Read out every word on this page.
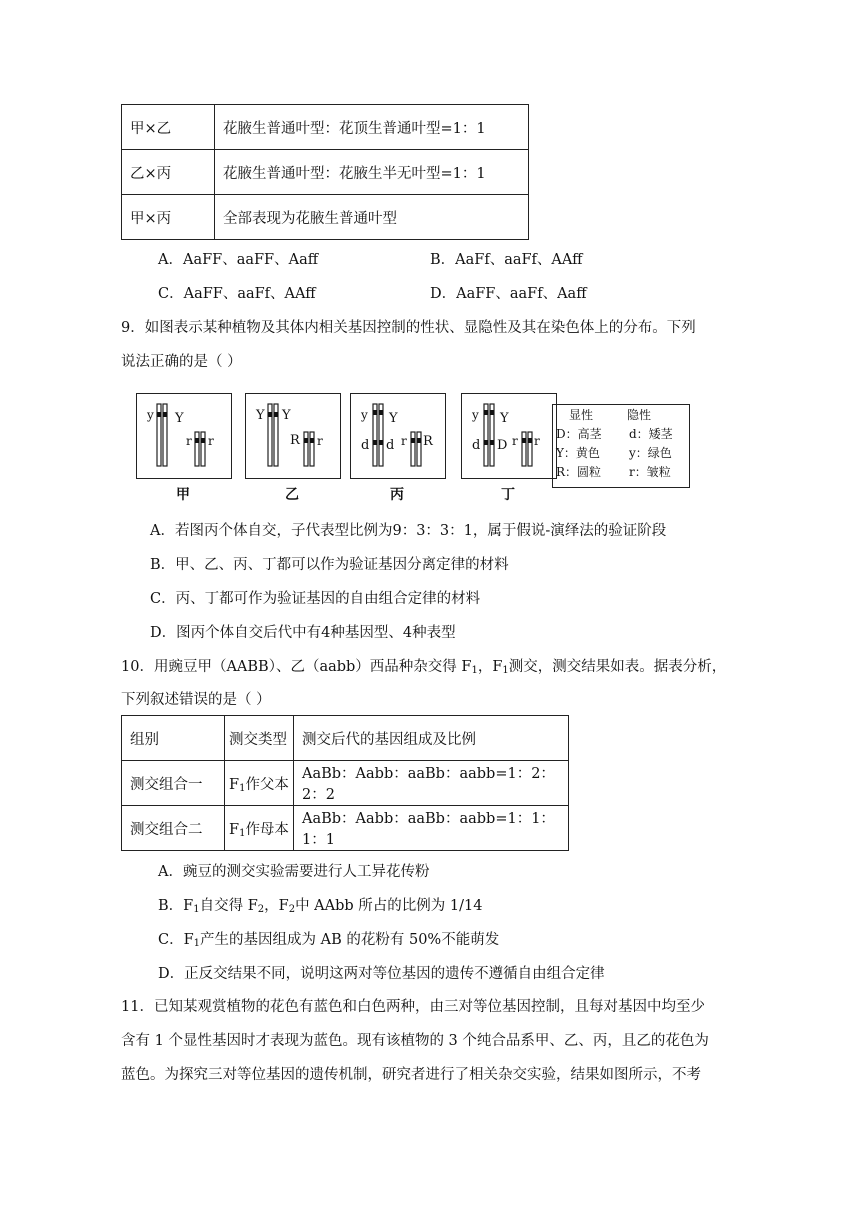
甲×乙	花腋生普通叶型：花顶生普通叶型=1：1
乙×丙	花腋生普通叶型：花腋生半无叶型=1：1
甲×丙	全部表现为花腋生普通叶型
A．AaFF、aaFF、Aaff	B．AaFf、aaFf、AAff
C．AaFF、aaFf、AAff	D．AaFF、aaFf、Aaff
9．如图表示某种植物及其体内相关基因控制的性状、显隐性及其在染色体上的分布。下列
说法正确的是（ ）
y Y
r r
甲
Y Y
R r
乙
y Y
d d r R
丙
y Y
d D r r
丁
显性	隐性
D：高茎 d：矮茎
Y：黄色 y：绿色
R：圆粒 r：皱粒
A．若图丙个体自交，子代表型比例为9：3：3：1，属于假说-演绎法的验证阶段
B．甲、乙、丙、丁都可以作为验证基因分离定律的材料
C．丙、丁都可作为验证基因的自由组合定律的材料
D．图丙个体自交后代中有4种基因型、4种表型
10．用豌豆甲（AABB）、乙（aabb）西品种杂交得 $F_1$，$F_1$测交，测交结果如表。据表分析，
下列叙述错误的是（ ）
组别	测交类型	测交后代的基因组成及比例
测交组合一	$F_1$作父本	AaBb：Aabb：aaBb：aabb=1：2：2：2
测交组合二	$F_1$作母本	AaBb：Aabb：aaBb：aabb=1：1：1：1
A．豌豆的测交实验需要进行人工异花传粉
B．$F_1$自交得 $F_2$，$F_2$中 AAbb 所占的比例为 1/14
C．$F_1$产生的基因组成为 AB 的花粉有 50%不能萌发
D．正反交结果不同，说明这两对等位基因的遗传不遵循自由组合定律
11．已知某观赏植物的花色有蓝色和白色两种，由三对等位基因控制，且每对基因中均至少
含有 1 个显性基因时才表现为蓝色。现有该植物的 3 个纯合品系甲、乙、丙，且乙的花色为
蓝色。为探究三对等位基因的遗传机制，研究者进行了相关杂交实验，结果如图所示，不考
